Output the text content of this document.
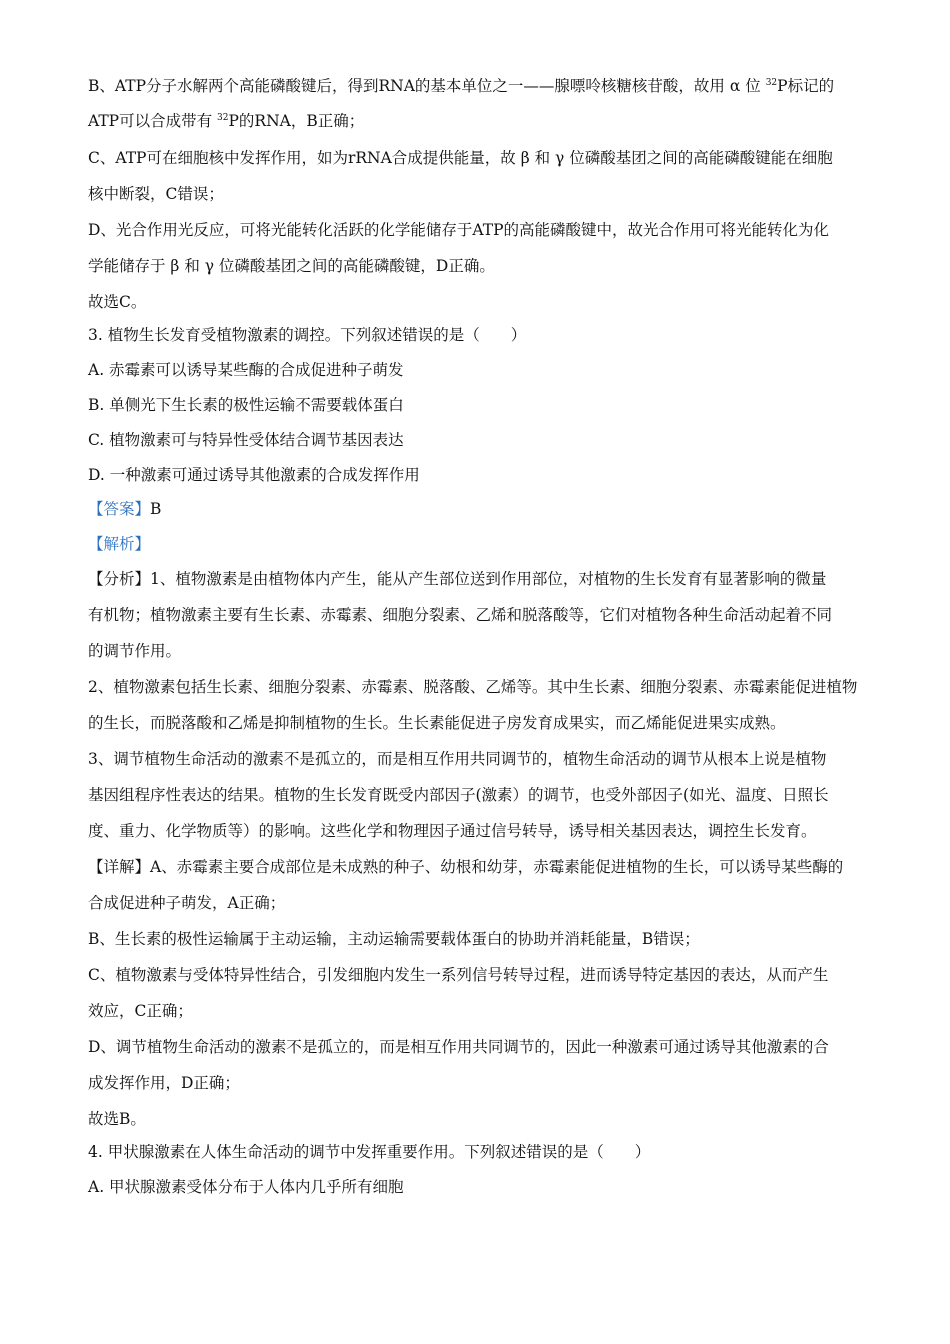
B、ATP分子水解两个高能磷酸键后，得到RNA的基本单位之一——腺嘌呤核糖核苷酸，故用 α 位 $^{32}$P标记的
ATP可以合成带有 $^{32}$P的RNA，B正确；
C、ATP可在细胞核中发挥作用，如为rRNA合成提供能量，故 β 和 γ 位磷酸基团之间的高能磷酸键能在细胞
核中断裂，C错误；
D、光合作用光反应，可将光能转化活跃的化学能储存于ATP的高能磷酸键中，故光合作用可将光能转化为化
学能储存于 β 和 γ 位磷酸基团之间的高能磷酸键，D正确。
故选C。
3. 植物生长发育受植物激素的调控。下列叙述错误的是（　　）
A. 赤霉素可以诱导某些酶的合成促进种子萌发
B. 单侧光下生长素的极性运输不需要载体蛋白
C. 植物激素可与特异性受体结合调节基因表达
D. 一种激素可通过诱导其他激素的合成发挥作用
【答案】B
【解析】
【分析】1、植物激素是由植物体内产生，能从产生部位送到作用部位，对植物的生长发育有显著影响的微量
有机物；植物激素主要有生长素、赤霉素、细胞分裂素、乙烯和脱落酸等，它们对植物各种生命活动起着不同
的调节作用。
2、植物激素包括生长素、细胞分裂素、赤霉素、脱落酸、乙烯等。其中生长素、细胞分裂素、赤霉素能促进植物
的生长，而脱落酸和乙烯是抑制植物的生长。生长素能促进子房发育成果实，而乙烯能促进果实成熟。
3、调节植物生命活动的激素不是孤立的，而是相互作用共同调节的，植物生命活动的调节从根本上说是植物
基因组程序性表达的结果。植物的生长发育既受内部因子(激素）的调节，也受外部因子(如光、温度、日照长
度、重力、化学物质等）的影响。这些化学和物理因子通过信号转导，诱导相关基因表达，调控生长发育。
【详解】A、赤霉素主要合成部位是未成熟的种子、幼根和幼芽，赤霉素能促进植物的生长，可以诱导某些酶的
合成促进种子萌发，A正确；
B、生长素的极性运输属于主动运输，主动运输需要载体蛋白的协助并消耗能量，B错误；
C、植物激素与受体特异性结合，引发细胞内发生一系列信号转导过程，进而诱导特定基因的表达，从而产生
效应，C正确；
D、调节植物生命活动的激素不是孤立的，而是相互作用共同调节的，因此一种激素可通过诱导其他激素的合
成发挥作用，D正确；
故选B。
4. 甲状腺激素在人体生命活动的调节中发挥重要作用。下列叙述错误的是（　　）
A. 甲状腺激素受体分布于人体内几乎所有细胞
